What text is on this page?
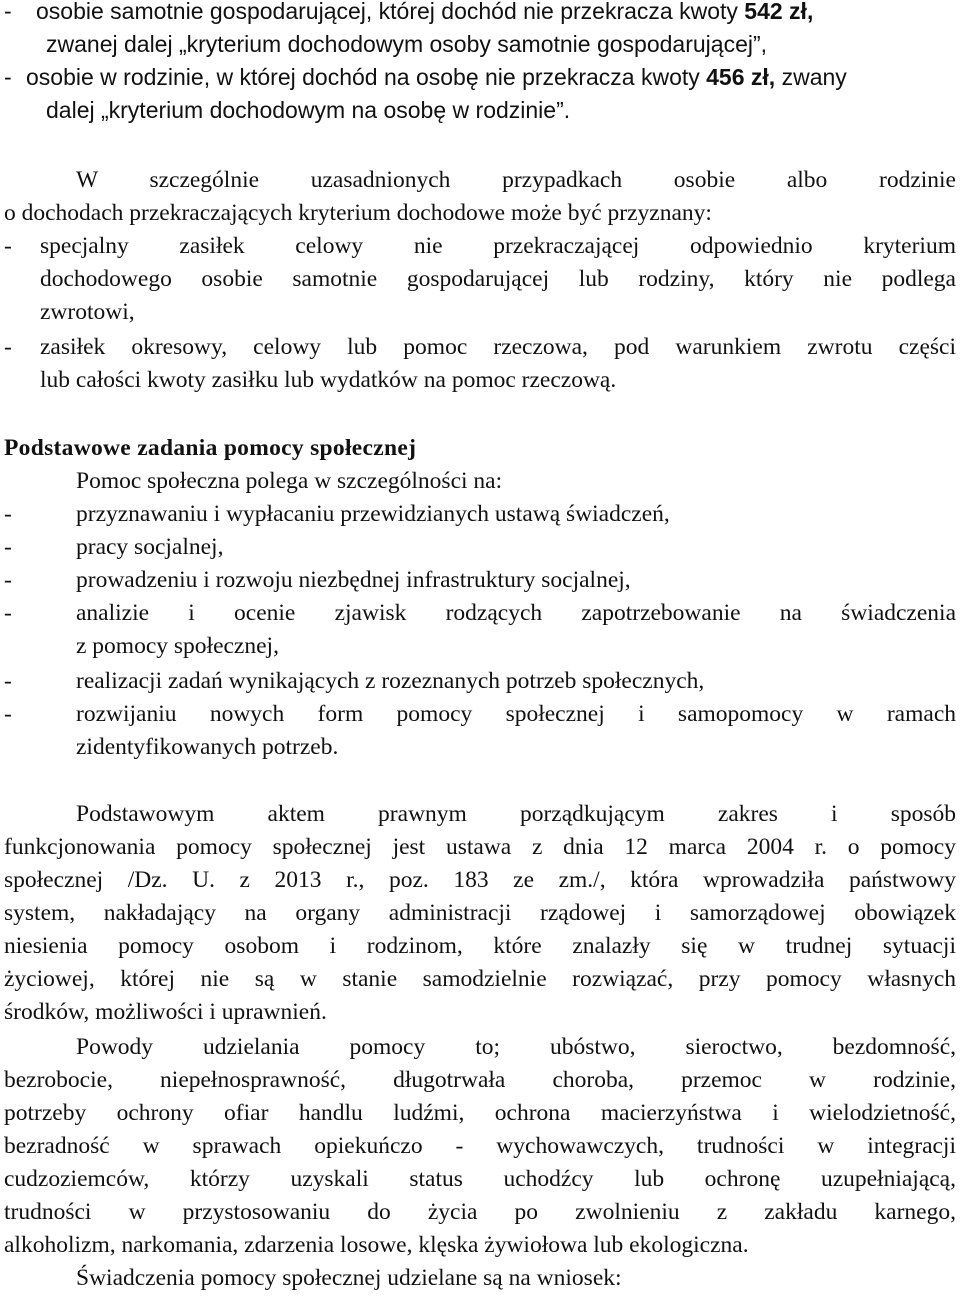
- osobie samotnie gospodarującej, której dochód nie przekracza kwoty 542 zł,
zwanej dalej „kryterium dochodowym osoby samotnie gospodarującej”,
- osobie w rodzinie, w której dochód na osobę nie przekracza kwoty 456 zł, zwany
dalej „kryterium dochodowym na osobę w rodzinie”.
W szczególnie uzasadnionych przypadkach osobie albo rodzinie
o dochodach przekraczających kryterium dochodowe może być przyznany:
- specjalny zasiłek celowy nie przekraczającej odpowiednio kryterium
dochodowego osobie samotnie gospodarującej lub rodziny, który nie podlega
zwrotowi,
- zasiłek okresowy, celowy lub pomoc rzeczowa, pod warunkiem zwrotu części
lub całości kwoty zasiłku lub wydatków na pomoc rzeczową.
Podstawowe zadania pomocy społecznej
Pomoc społeczna polega w szczególności na:
-	przyznawaniu i wypłacaniu przewidzianych ustawą świadczeń,
-	pracy socjalnej,
-	prowadzeniu i rozwoju niezbędnej infrastruktury socjalnej,
-	analizie i ocenie zjawisk rodzących zapotrzebowanie na świadczenia
z pomocy społecznej,
-	realizacji zadań wynikających z rozeznanych potrzeb społecznych,
-	rozwijaniu nowych form pomocy społecznej i samopomocy w ramach
zidentyfikowanych potrzeb.
Podstawowym aktem prawnym porządkującym zakres i sposób
funkcjonowania pomocy społecznej jest ustawa z dnia 12 marca 2004 r. o pomocy
społecznej /Dz. U. z 2013 r., poz. 183 ze zm./, która wprowadziła państwowy
system, nakładający na organy administracji rządowej i samorządowej obowiązek
niesienia pomocy osobom i rodzinom, które znalazły się w trudnej sytuacji
życiowej, której nie są w stanie samodzielnie rozwiązać, przy pomocy własnych
środków, możliwości i uprawnień.
Powody udzielania pomocy to; ubóstwo, sieroctwo, bezdomność,
bezrobocie, niepełnosprawność, długotrwała choroba, przemoc w rodzinie,
potrzeby ochrony ofiar handlu ludźmi, ochrona macierzyństwa i wielodzietność,
bezradność w sprawach opiekuńczo - wychowawczych, trudności w integracji
cudzoziemców, którzy uzyskali status uchodźcy lub ochronę uzupełniającą,
trudności w przystosowaniu do życia po zwolnieniu z zakładu karnego,
alkoholizm, narkomania, zdarzenia losowe, klęska żywiołowa lub ekologiczna.
Świadczenia pomocy społecznej udzielane są na wniosek:
